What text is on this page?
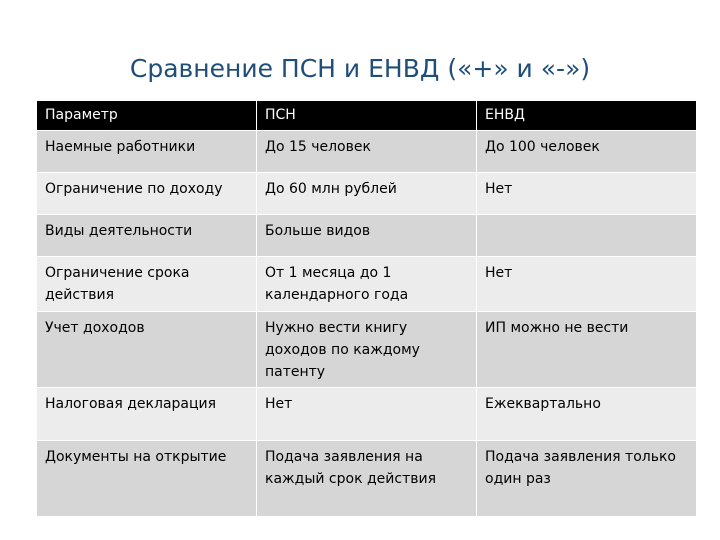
Сравнение ПСН и ЕНВД («+» и «-»)
Параметр	ПСН	ЕНВД
Наемные работники	До 15 человек	До 100 человек
Ограничение по доходу	До 60 млн рублей	Нет
Виды деятельности	Больше видов	
Ограничение срока действия	От 1 месяца до 1 календарного года	Нет
Учет доходов	Нужно вести книгу доходов по каждому патенту	ИП можно не вести
Налоговая декларация	Нет	Ежеквартально
Документы на открытие	Подача заявления на каждый срок действия	Подача заявления только один раз
